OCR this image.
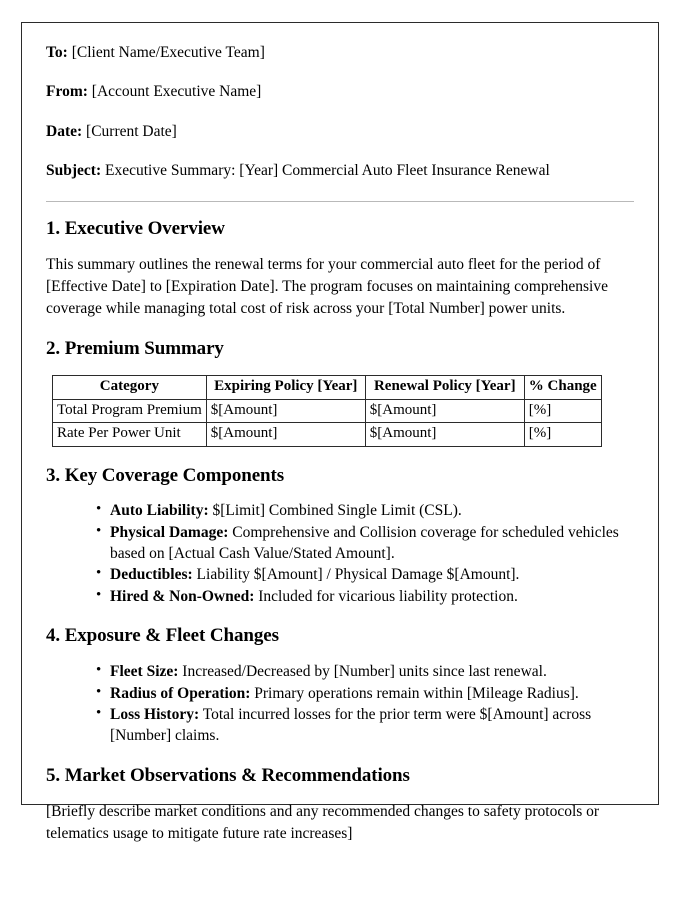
To: [Client Name/Executive Team]

From: [Account Executive Name]

Date: [Current Date]

Subject: Executive Summary: [Year] Commercial Auto Fleet Insurance Renewal

1. Executive Overview

This summary outlines the renewal terms for your commercial auto fleet for the period of [Effective Date] to [Expiration Date]. The program focuses on maintaining comprehensive coverage while managing total cost of risk across your [Total Number] power units.

2. Premium Summary
Category	Expiring Policy [Year]	Renewal Policy [Year]	% Change
Total Program Premium	$[Amount]	$[Amount]	[%]
Rate Per Power Unit	$[Amount]	$[Amount]	[%]
3. Key Coverage Components
• Auto Liability: $[Limit] Combined Single Limit (CSL).
• Physical Damage: Comprehensive and Collision coverage for scheduled vehicles based on [Actual Cash Value/Stated Amount].
• Deductibles: Liability $[Amount] / Physical Damage $[Amount].
• Hired & Non-Owned: Included for vicarious liability protection.
4. Exposure & Fleet Changes
• Fleet Size: Increased/Decreased by [Number] units since last renewal.
• Radius of Operation: Primary operations remain within [Mileage Radius].
• Loss History: Total incurred losses for the prior term were $[Amount] across [Number] claims.
5. Market Observations & Recommendations

[Briefly describe market conditions and any recommended changes to safety protocols or telematics usage to mitigate future rate increases]
